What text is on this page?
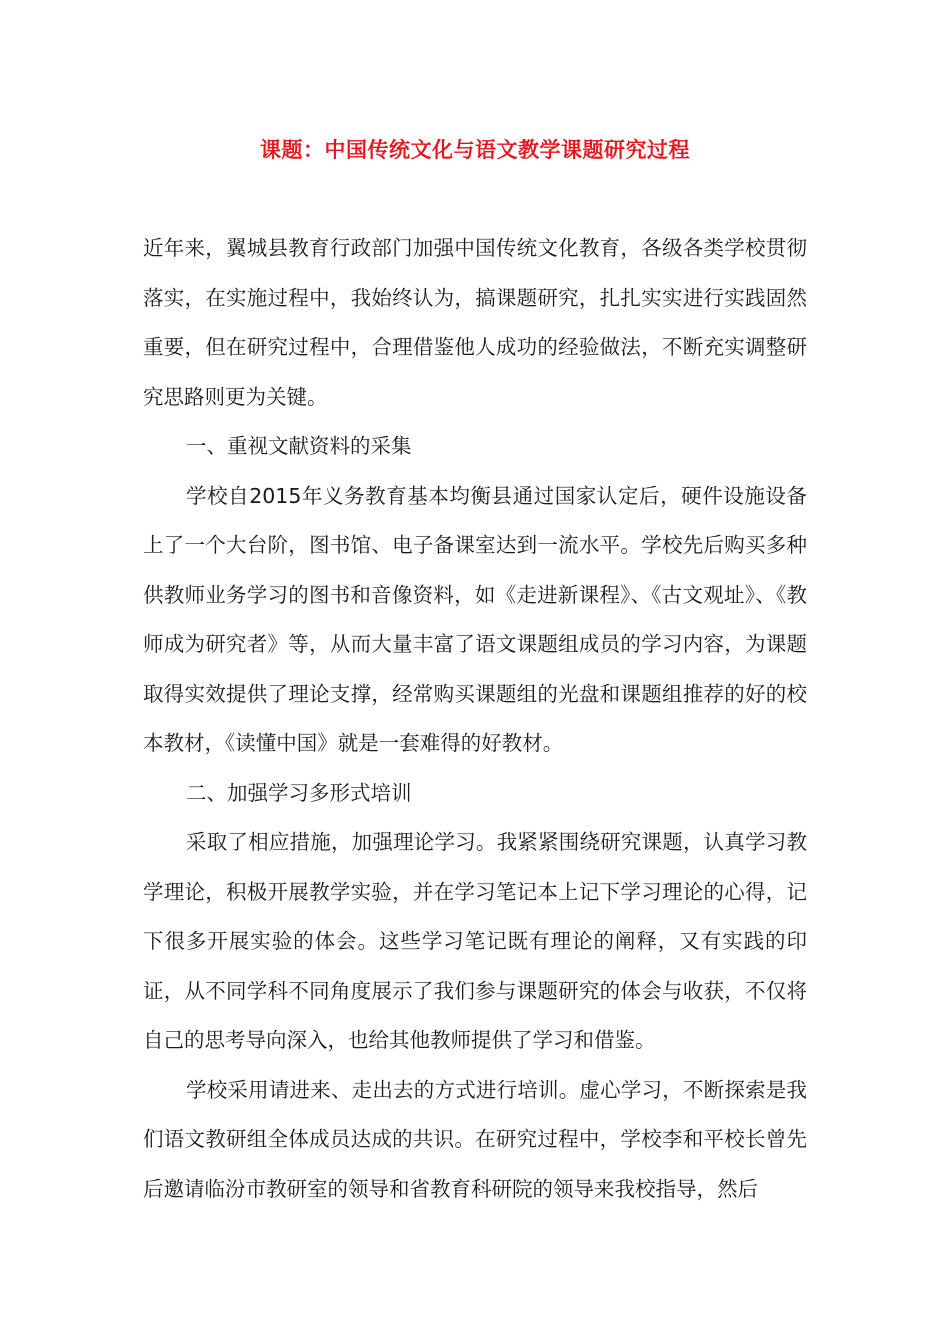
课题：中国传统文化与语文教学课题研究过程

近年来，翼城县教育行政部门加强中国传统文化教育，各级各类学校贯彻落实，在实施过程中，我始终认为，搞课题研究，扎扎实实进行实践固然重要，但在研究过程中，合理借鉴他人成功的经验做法，不断充实调整研究思路则更为关键。

一、重视文献资料的采集

学校自2015年义务教育基本均衡县通过国家认定后，硬件设施设备上了一个大台阶，图书馆、电子备课室达到一流水平。学校先后购买多种供教师业务学习的图书和音像资料，如《走进新课程》、《古文观址》、《教师成为研究者》等，从而大量丰富了语文课题组成员的学习内容，为课题取得实效提供了理论支撑，经常购买课题组的光盘和课题组推荐的好的校本教材，《读懂中国》就是一套难得的好教材。

二、加强学习多形式培训

采取了相应措施，加强理论学习。我紧紧围绕研究课题，认真学习教学理论，积极开展教学实验，并在学习笔记本上记下学习理论的心得，记下很多开展实验的体会。这些学习笔记既有理论的阐释，又有实践的印证，从不同学科不同角度展示了我们参与课题研究的体会与收获，不仅将自己的思考导向深入，也给其他教师提供了学习和借鉴。

学校采用请进来、走出去的方式进行培训。虚心学习，不断探索是我们语文教研组全体成员达成的共识。在研究过程中，学校李和平校长曾先后邀请临汾市教研室的领导和省教育科研院的领导来我校指导，然后
